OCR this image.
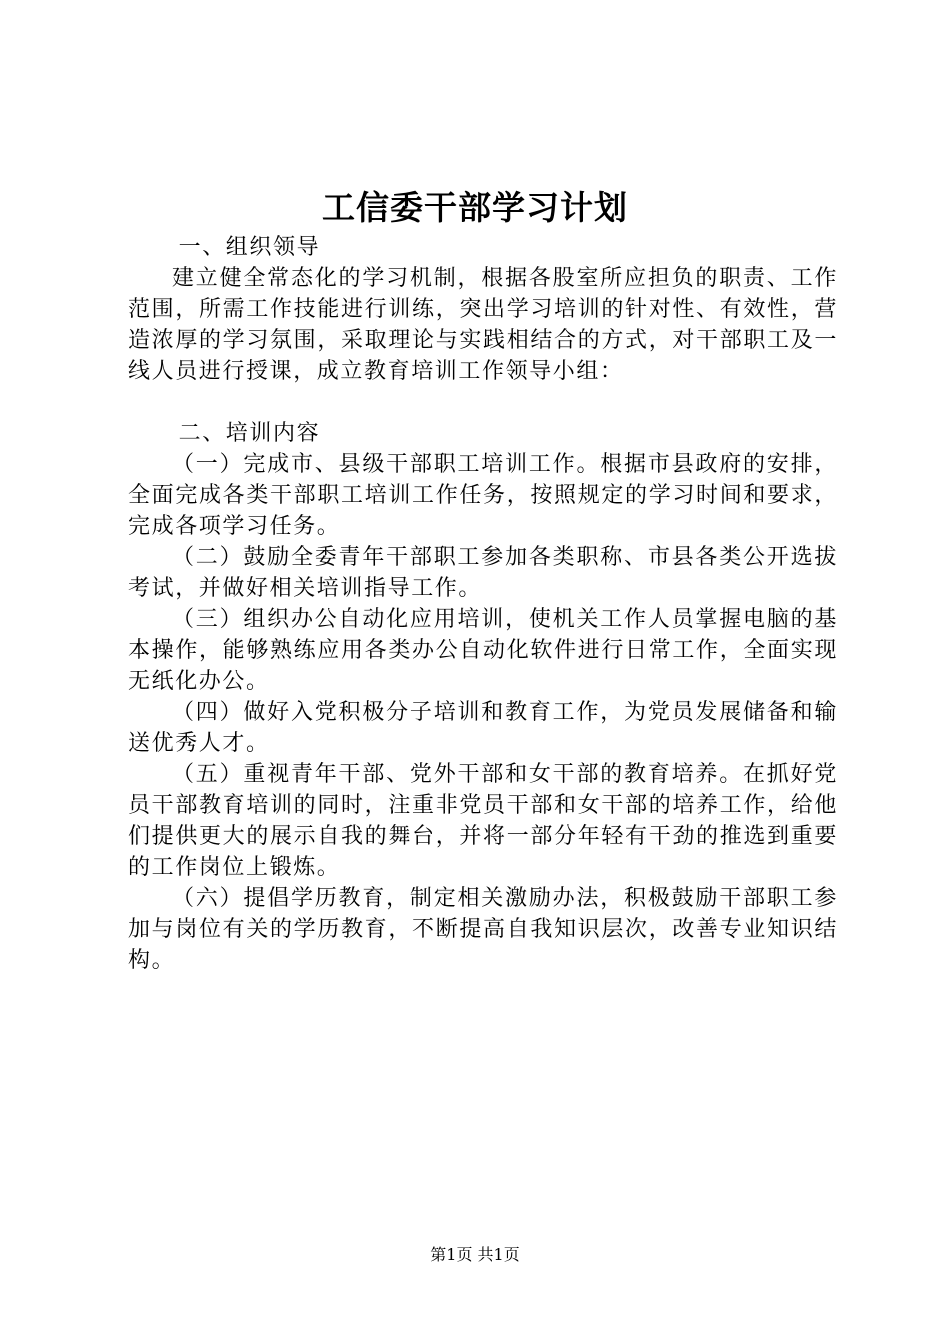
工信委干部学习计划

一、组织领导

建立健全常态化的学习机制，根据各股室所应担负的职责、工作范围，所需工作技能进行训练，突出学习培训的针对性、有效性，营造浓厚的学习氛围，采取理论与实践相结合的方式，对干部职工及一线人员进行授课，成立教育培训工作领导小组：

二、培训内容

（一）完成市、县级干部职工培训工作。根据市县政府的安排，全面完成各类干部职工培训工作任务，按照规定的学习时间和要求，完成各项学习任务。

（二）鼓励全委青年干部职工参加各类职称、市县各类公开选拔考试，并做好相关培训指导工作。

（三）组织办公自动化应用培训，使机关工作人员掌握电脑的基本操作，能够熟练应用各类办公自动化软件进行日常工作，全面实现无纸化办公。

（四）做好入党积极分子培训和教育工作，为党员发展储备和输送优秀人才。

（五）重视青年干部、党外干部和女干部的教育培养。在抓好党员干部教育培训的同时，注重非党员干部和女干部的培养工作，给他们提供更大的展示自我的舞台，并将一部分年轻有干劲的推选到重要的工作岗位上锻炼。

（六）提倡学历教育，制定相关激励办法，积极鼓励干部职工参加与岗位有关的学历教育，不断提高自我知识层次，改善专业知识结构。

第1页 共1页
